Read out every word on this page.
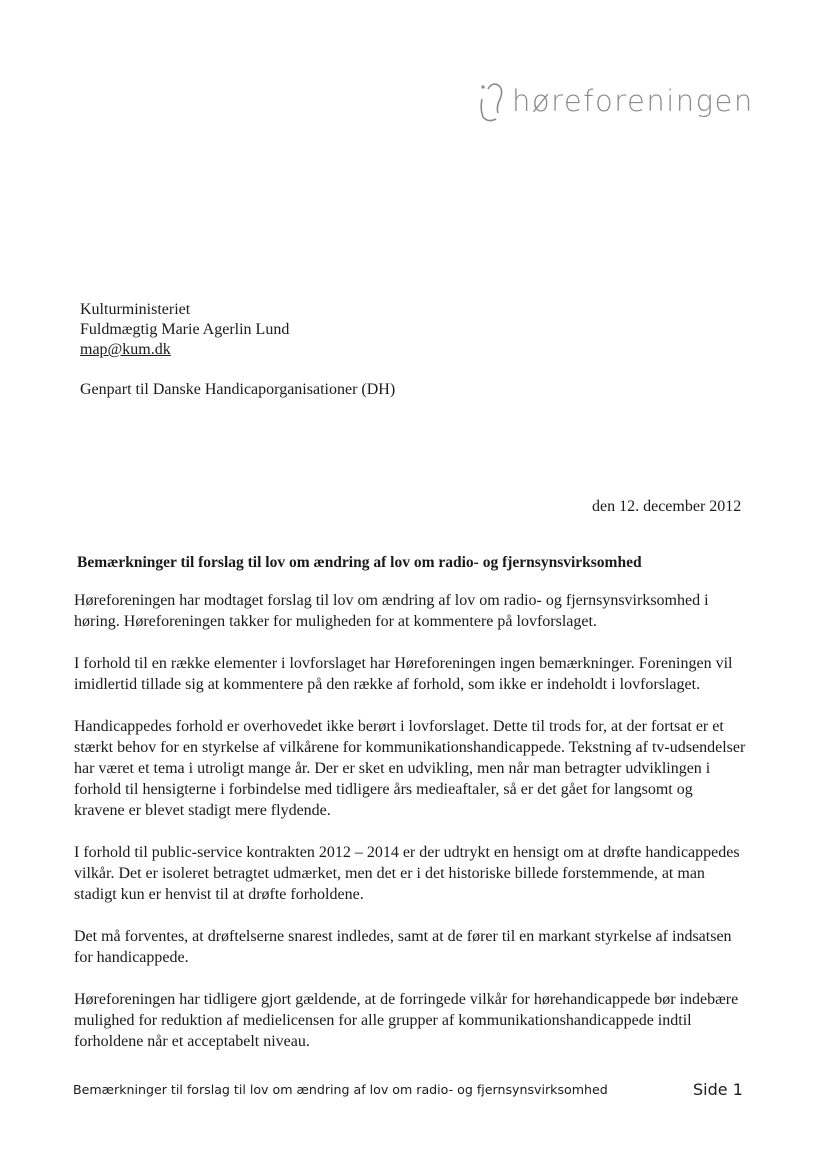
høreforeningen
Kulturministeriet
Fuldmægtig Marie Agerlin Lund
map@kum.dk
Genpart til Danske Handicaporganisationer (DH)
den 12. december 2012
Bemærkninger til forslag til lov om ændring af lov om radio- og fjernsynsvirksomhed

Høreforeningen har modtaget forslag til lov om ændring af lov om radio- og fjernsynsvirksomhed i høring. Høreforeningen takker for muligheden for at kommentere på lovforslaget.

I forhold til en række elementer i lovforslaget har Høreforeningen ingen bemærkninger. Foreningen vil imidlertid tillade sig at kommentere på den række af forhold, som ikke er indeholdt i lovforslaget.

Handicappedes forhold er overhovedet ikke berørt i lovforslaget. Dette til trods for, at der fortsat er et stærkt behov for en styrkelse af vilkårene for kommunikationshandicappede. Tekstning af tv-udsendelser har været et tema i utroligt mange år. Der er sket en udvikling, men når man betragter udviklingen i forhold til hensigterne i forbindelse med tidligere års medieaftaler, så er det gået for langsomt og kravene er blevet stadigt mere flydende.

I forhold til public-service kontrakten 2012 – 2014 er der udtrykt en hensigt om at drøfte handicappedes vilkår. Det er isoleret betragtet udmærket, men det er i det historiske billede forstemmende, at man stadigt kun er henvist til at drøfte forholdene.

Det må forventes, at drøftelserne snarest indledes, samt at de fører til en markant styrkelse af indsatsen for handicappede.

Høreforeningen har tidligere gjort gældende, at de forringede vilkår for hørehandicappede bør indebære mulighed for reduktion af medielicensen for alle grupper af kommunikationshandicappede indtil forholdene når et acceptabelt niveau.

Bemærkninger til forslag til lov om ændring af lov om radio- og fjernsynsvirksomhed	Side 1
